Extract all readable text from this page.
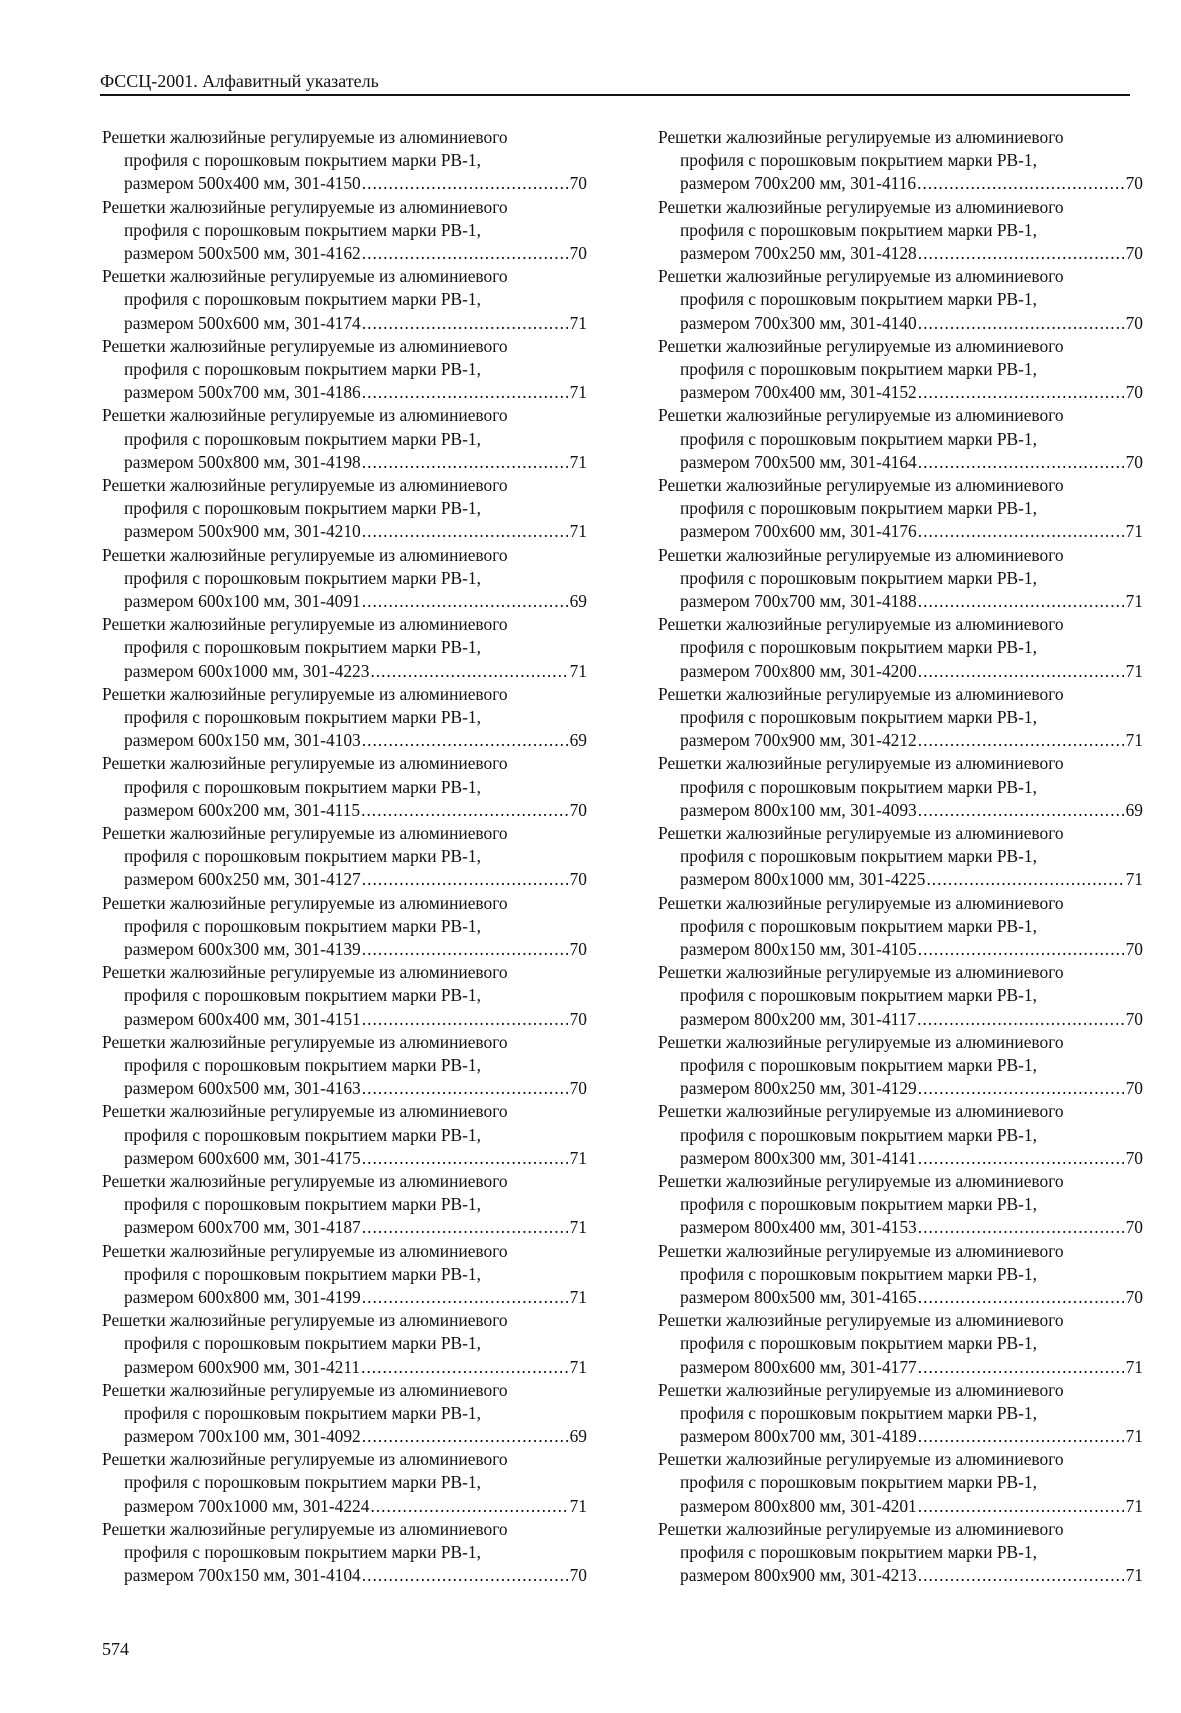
ФССЦ-2001. Алфавитный указатель
Решетки жалюзийные регулируемые из алюминиевого
профиля с порошковым покрытием марки РВ-1,
размером 500x400 мм, 301-4150 .....	70
Решетки жалюзийные регулируемые из алюминиевого
профиля с порошковым покрытием марки РВ-1,
размером 500x500 мм, 301-4162 .....	70
Решетки жалюзийные регулируемые из алюминиевого
профиля с порошковым покрытием марки РВ-1,
размером 500x600 мм, 301-4174 .....	71
Решетки жалюзийные регулируемые из алюминиевого
профиля с порошковым покрытием марки РВ-1,
размером 500x700 мм, 301-4186 .....	71
Решетки жалюзийные регулируемые из алюминиевого
профиля с порошковым покрытием марки РВ-1,
размером 500x800 мм, 301-4198 .....	71
Решетки жалюзийные регулируемые из алюминиевого
профиля с порошковым покрытием марки РВ-1,
размером 500x900 мм, 301-4210 .....	71
Решетки жалюзийные регулируемые из алюминиевого
профиля с порошковым покрытием марки РВ-1,
размером 600x100 мм, 301-4091 .....	69
Решетки жалюзийные регулируемые из алюминиевого
профиля с порошковым покрытием марки РВ-1,
размером 600x1000 мм, 301-4223 .....	71
Решетки жалюзийные регулируемые из алюминиевого
профиля с порошковым покрытием марки РВ-1,
размером 600x150 мм, 301-4103 .....	69
Решетки жалюзийные регулируемые из алюминиевого
профиля с порошковым покрытием марки РВ-1,
размером 600x200 мм, 301-4115 .....	70
Решетки жалюзийные регулируемые из алюминиевого
профиля с порошковым покрытием марки РВ-1,
размером 600x250 мм, 301-4127 .....	70
Решетки жалюзийные регулируемые из алюминиевого
профиля с порошковым покрытием марки РВ-1,
размером 600x300 мм, 301-4139 .....	70
Решетки жалюзийные регулируемые из алюминиевого
профиля с порошковым покрытием марки РВ-1,
размером 600x400 мм, 301-4151 .....	70
Решетки жалюзийные регулируемые из алюминиевого
профиля с порошковым покрытием марки РВ-1,
размером 600x500 мм, 301-4163 .....	70
Решетки жалюзийные регулируемые из алюминиевого
профиля с порошковым покрытием марки РВ-1,
размером 600x600 мм, 301-4175 .....	71
Решетки жалюзийные регулируемые из алюминиевого
профиля с порошковым покрытием марки РВ-1,
размером 600x700 мм, 301-4187 .....	71
Решетки жалюзийные регулируемые из алюминиевого
профиля с порошковым покрытием марки РВ-1,
размером 600x800 мм, 301-4199 .....	71
Решетки жалюзийные регулируемые из алюминиевого
профиля с порошковым покрытием марки РВ-1,
размером 600x900 мм, 301-4211 .....	71
Решетки жалюзийные регулируемые из алюминиевого
профиля с порошковым покрытием марки РВ-1,
размером 700x100 мм, 301-4092 .....	69
Решетки жалюзийные регулируемые из алюминиевого
профиля с порошковым покрытием марки РВ-1,
размером 700x1000 мм, 301-4224 .....	71
Решетки жалюзийные регулируемые из алюминиевого
профиля с порошковым покрытием марки РВ-1,
размером 700x150 мм, 301-4104 .....	70
Решетки жалюзийные регулируемые из алюминиевого
профиля с порошковым покрытием марки РВ-1,
размером 700x200 мм, 301-4116 .....	70
Решетки жалюзийные регулируемые из алюминиевого
профиля с порошковым покрытием марки РВ-1,
размером 700x250 мм, 301-4128 .....	70
Решетки жалюзийные регулируемые из алюминиевого
профиля с порошковым покрытием марки РВ-1,
размером 700x300 мм, 301-4140 .....	70
Решетки жалюзийные регулируемые из алюминиевого
профиля с порошковым покрытием марки РВ-1,
размером 700x400 мм, 301-4152 .....	70
Решетки жалюзийные регулируемые из алюминиевого
профиля с порошковым покрытием марки РВ-1,
размером 700x500 мм, 301-4164 .....	70
Решетки жалюзийные регулируемые из алюминиевого
профиля с порошковым покрытием марки РВ-1,
размером 700x600 мм, 301-4176 .....	71
Решетки жалюзийные регулируемые из алюминиевого
профиля с порошковым покрытием марки РВ-1,
размером 700x700 мм, 301-4188 .....	71
Решетки жалюзийные регулируемые из алюминиевого
профиля с порошковым покрытием марки РВ-1,
размером 700x800 мм, 301-4200 .....	71
Решетки жалюзийные регулируемые из алюминиевого
профиля с порошковым покрытием марки РВ-1,
размером 700x900 мм, 301-4212 .....	71
Решетки жалюзийные регулируемые из алюминиевого
профиля с порошковым покрытием марки РВ-1,
размером 800x100 мм, 301-4093 .....	69
Решетки жалюзийные регулируемые из алюминиевого
профиля с порошковым покрытием марки РВ-1,
размером 800x1000 мм, 301-4225 .....	71
Решетки жалюзийные регулируемые из алюминиевого
профиля с порошковым покрытием марки РВ-1,
размером 800x150 мм, 301-4105 .....	70
Решетки жалюзийные регулируемые из алюминиевого
профиля с порошковым покрытием марки РВ-1,
размером 800x200 мм, 301-4117 .....	70
Решетки жалюзийные регулируемые из алюминиевого
профиля с порошковым покрытием марки РВ-1,
размером 800x250 мм, 301-4129 .....	70
Решетки жалюзийные регулируемые из алюминиевого
профиля с порошковым покрытием марки РВ-1,
размером 800x300 мм, 301-4141 .....	70
Решетки жалюзийные регулируемые из алюминиевого
профиля с порошковым покрытием марки РВ-1,
размером 800x400 мм, 301-4153 .....	70
Решетки жалюзийные регулируемые из алюминиевого
профиля с порошковым покрытием марки РВ-1,
размером 800x500 мм, 301-4165 .....	70
Решетки жалюзийные регулируемые из алюминиевого
профиля с порошковым покрытием марки РВ-1,
размером 800x600 мм, 301-4177 .....	71
Решетки жалюзийные регулируемые из алюминиевого
профиля с порошковым покрытием марки РВ-1,
размером 800x700 мм, 301-4189 .....	71
Решетки жалюзийные регулируемые из алюминиевого
профиля с порошковым покрытием марки РВ-1,
размером 800x800 мм, 301-4201 .....	71
Решетки жалюзийные регулируемые из алюминиевого
профиля с порошковым покрытием марки РВ-1,
размером 800x900 мм, 301-4213 .....	71
574
